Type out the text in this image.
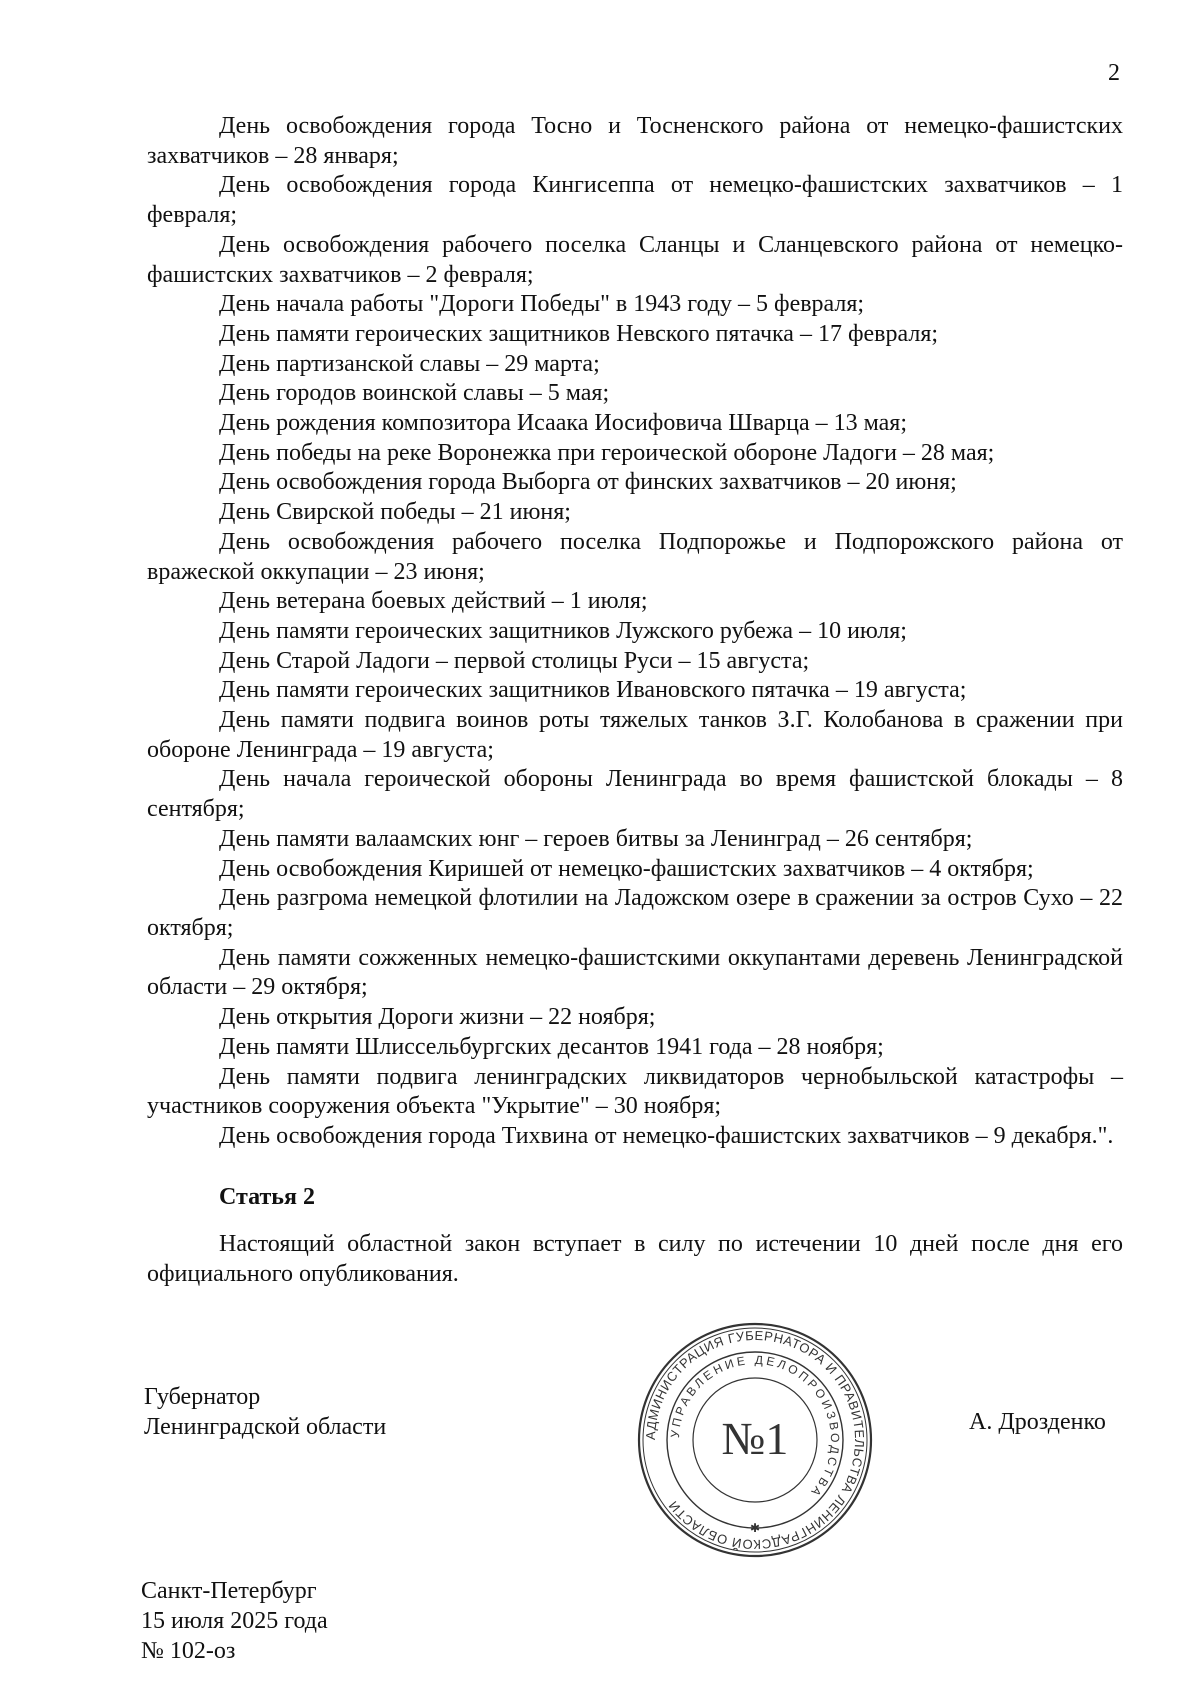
2

День освобождения города Тосно и Тосненского района от немецко-фашистских захватчиков – 28 января;

День освобождения города Кингисеппа от немецко-фашистских захватчиков – 1 февраля;

День освобождения рабочего поселка Сланцы и Сланцевского района от немецко-фашистских захватчиков – 2 февраля;

День начала работы "Дороги Победы" в 1943 году – 5 февраля;

День памяти героических защитников Невского пятачка – 17 февраля;

День партизанской славы – 29 марта;

День городов воинской славы – 5 мая;

День рождения композитора Исаака Иосифовича Шварца – 13 мая;

День победы на реке Воронежка при героической обороне Ладоги – 28 мая;

День освобождения города Выборга от финских захватчиков – 20 июня;

День Свирской победы – 21 июня;

День освобождения рабочего поселка Подпорожье и Подпорожского района от вражеской оккупации – 23 июня;

День ветерана боевых действий – 1 июля;

День памяти героических защитников Лужского рубежа – 10 июля;

День Старой Ладоги – первой столицы Руси – 15 августа;

День памяти героических защитников Ивановского пятачка – 19 августа;

День памяти подвига воинов роты тяжелых танков З.Г. Колобанова в сражении при обороне Ленинграда – 19 августа;

День начала героической обороны Ленинграда во время фашистской блокады – 8 сентября;

День памяти валаамских юнг – героев битвы за Ленинград – 26 сентября;

День освобождения Киришей от немецко-фашистских захватчиков – 4 октября;

День разгрома немецкой флотилии на Ладожском озере в сражении за остров Сухо – 22 октября;

День памяти сожженных немецко-фашистскими оккупантами деревень Ленинградской области – 29 октября;

День открытия Дороги жизни – 22 ноября;

День памяти Шлиссельбургских десантов 1941 года – 28 ноября;

День памяти подвига ленинградских ликвидаторов чернобыльской катастрофы – участников сооружения объекта "Укрытие" – 30 ноября;

День освобождения города Тихвина от немецко-фашистских захватчиков – 9 декабря.".

Статья 2

Настоящий областной закон вступает в силу по истечении 10 дней после дня его официального опубликования.

Губернатор
Ленинградской области	АДМИНИСТРАЦИЯ ГУБЕРНАТОРА И ПРАВИТЕЛЬСТВА ЛЕНИНГРАДСКОЙ ОБЛАСТИ
УПРАВЛЕНИЕ ДЕЛОПРОИЗВОДСТВА
№1
✱
А. Дрозденко
Санкт-Петербург
15 июля 2025 года
№ 102-оз
